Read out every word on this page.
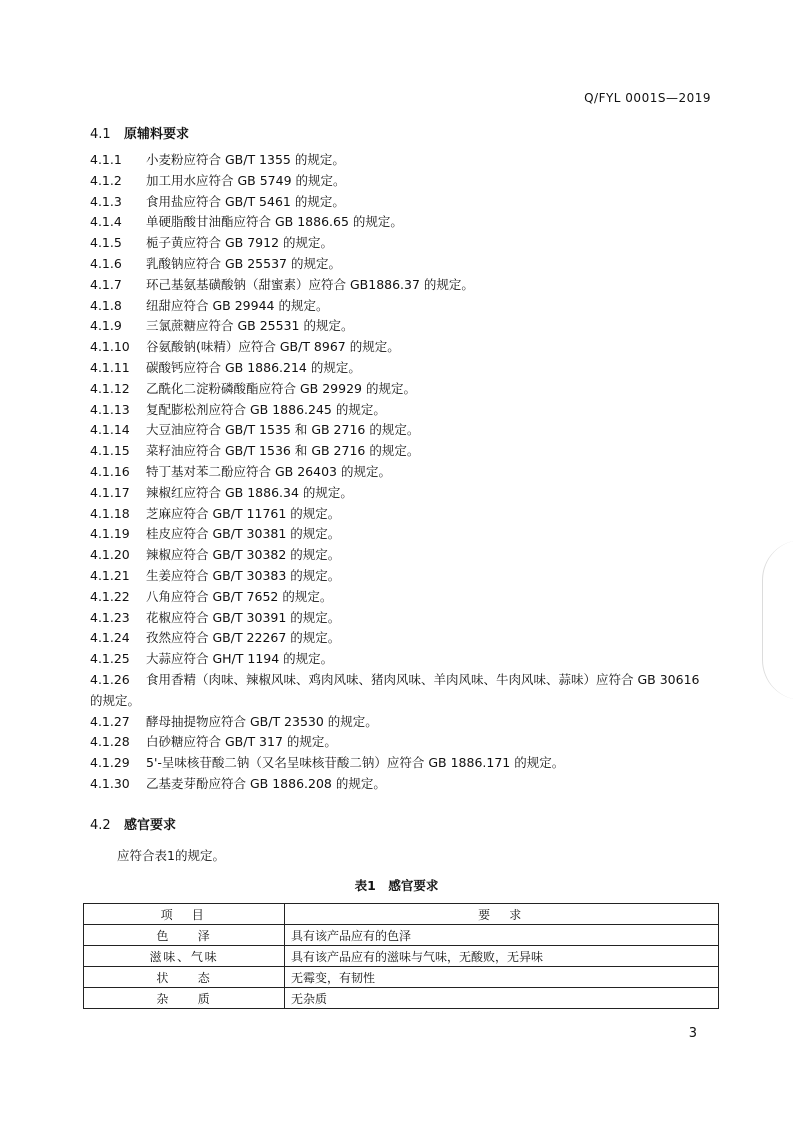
Q/FYL 0001S—2019
4.1 原辅料要求
4.1.1 小麦粉应符合 GB/T 1355 的规定。
4.1.2 加工用水应符合 GB 5749 的规定。
4.1.3 食用盐应符合 GB/T 5461 的规定。
4.1.4 单硬脂酸甘油酯应符合 GB 1886.65 的规定。
4.1.5 栀子黄应符合 GB 7912 的规定。
4.1.6 乳酸钠应符合 GB 25537 的规定。
4.1.7 环己基氨基磺酸钠（甜蜜素）应符合 GB1886.37 的规定。
4.1.8 纽甜应符合 GB 29944 的规定。
4.1.9 三氯蔗糖应符合 GB 25531 的规定。
4.1.10 谷氨酸钠(味精）应符合 GB/T 8967 的规定。
4.1.11 碳酸钙应符合 GB 1886.214 的规定。
4.1.12 乙酰化二淀粉磷酸酯应符合 GB 29929 的规定。
4.1.13 复配膨松剂应符合 GB 1886.245 的规定。
4.1.14 大豆油应符合 GB/T 1535 和 GB 2716 的规定。
4.1.15 菜籽油应符合 GB/T 1536 和 GB 2716 的规定。
4.1.16 特丁基对苯二酚应符合 GB 26403 的规定。
4.1.17 辣椒红应符合 GB 1886.34 的规定。
4.1.18 芝麻应符合 GB/T 11761 的规定。
4.1.19 桂皮应符合 GB/T 30381 的规定。
4.1.20 辣椒应符合 GB/T 30382 的规定。
4.1.21 生姜应符合 GB/T 30383 的规定。
4.1.22 八角应符合 GB/T 7652 的规定。
4.1.23 花椒应符合 GB/T 30391 的规定。
4.1.24 孜然应符合 GB/T 22267 的规定。
4.1.25 大蒜应符合 GH/T 1194 的规定。
4.1.26 食用香精（肉味、辣椒风味、鸡肉风味、猪肉风味、羊肉风味、牛肉风味、蒜味）应符合 GB 30616 的规定。
4.1.27 酵母抽提物应符合 GB/T 23530 的规定。
4.1.28 白砂糖应符合 GB/T 317 的规定。
4.1.29 5'-呈味核苷酸二钠（又名呈味核苷酸二钠）应符合 GB 1886.171 的规定。
4.1.30 乙基麦芽酚应符合 GB 1886.208 的规定。
4.2 感官要求
应符合表1的规定。
表1　感官要求
项　目	要　求
色　　泽	具有该产品应有的色泽
滋味、气味	具有该产品应有的滋味与气味，无酸败，无异味
状　　态	无霉变，有韧性
杂　　质	无杂质
3
